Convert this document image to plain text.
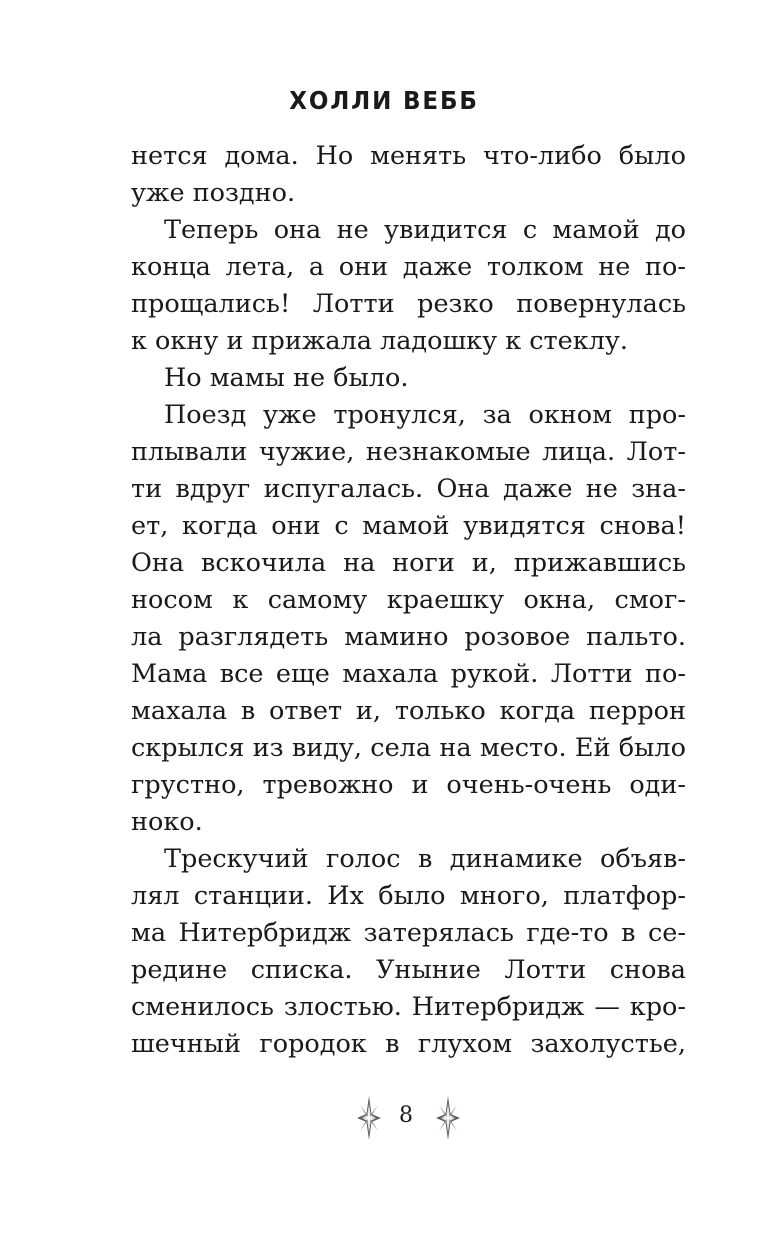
ХОЛЛИ ВЕББ
нется дома. Но менять что-либо было
уже поздно.
Теперь она не увидится с мамой до
конца лета, а они даже толком не по-
прощались! Лотти резко повернулась
к окну и прижала ладошку к стеклу.
Но мамы не было.
Поезд уже тронулся, за окном про-
плывали чужие, незнакомые лица. Лот-
ти вдруг испугалась. Она даже не зна-
ет, когда они с мамой увидятся снова!
Она вскочила на ноги и, прижавшись
носом к самому краешку окна, смог-
ла разглядеть мамино розовое пальто.
Мама все еще махала рукой. Лотти по-
махала в ответ и, только когда перрон
скрылся из виду, села на место. Ей было
грустно, тревожно и очень-очень оди-
ноко.
Трескучий голос в динамике объяв-
лял станции. Их было много, платфор-
ма Нитербридж затерялась где-то в се-
редине списка. Уныние Лотти снова
сменилось злостью. Нитербридж — кро-
шечный городок в глухом захолустье,
8
